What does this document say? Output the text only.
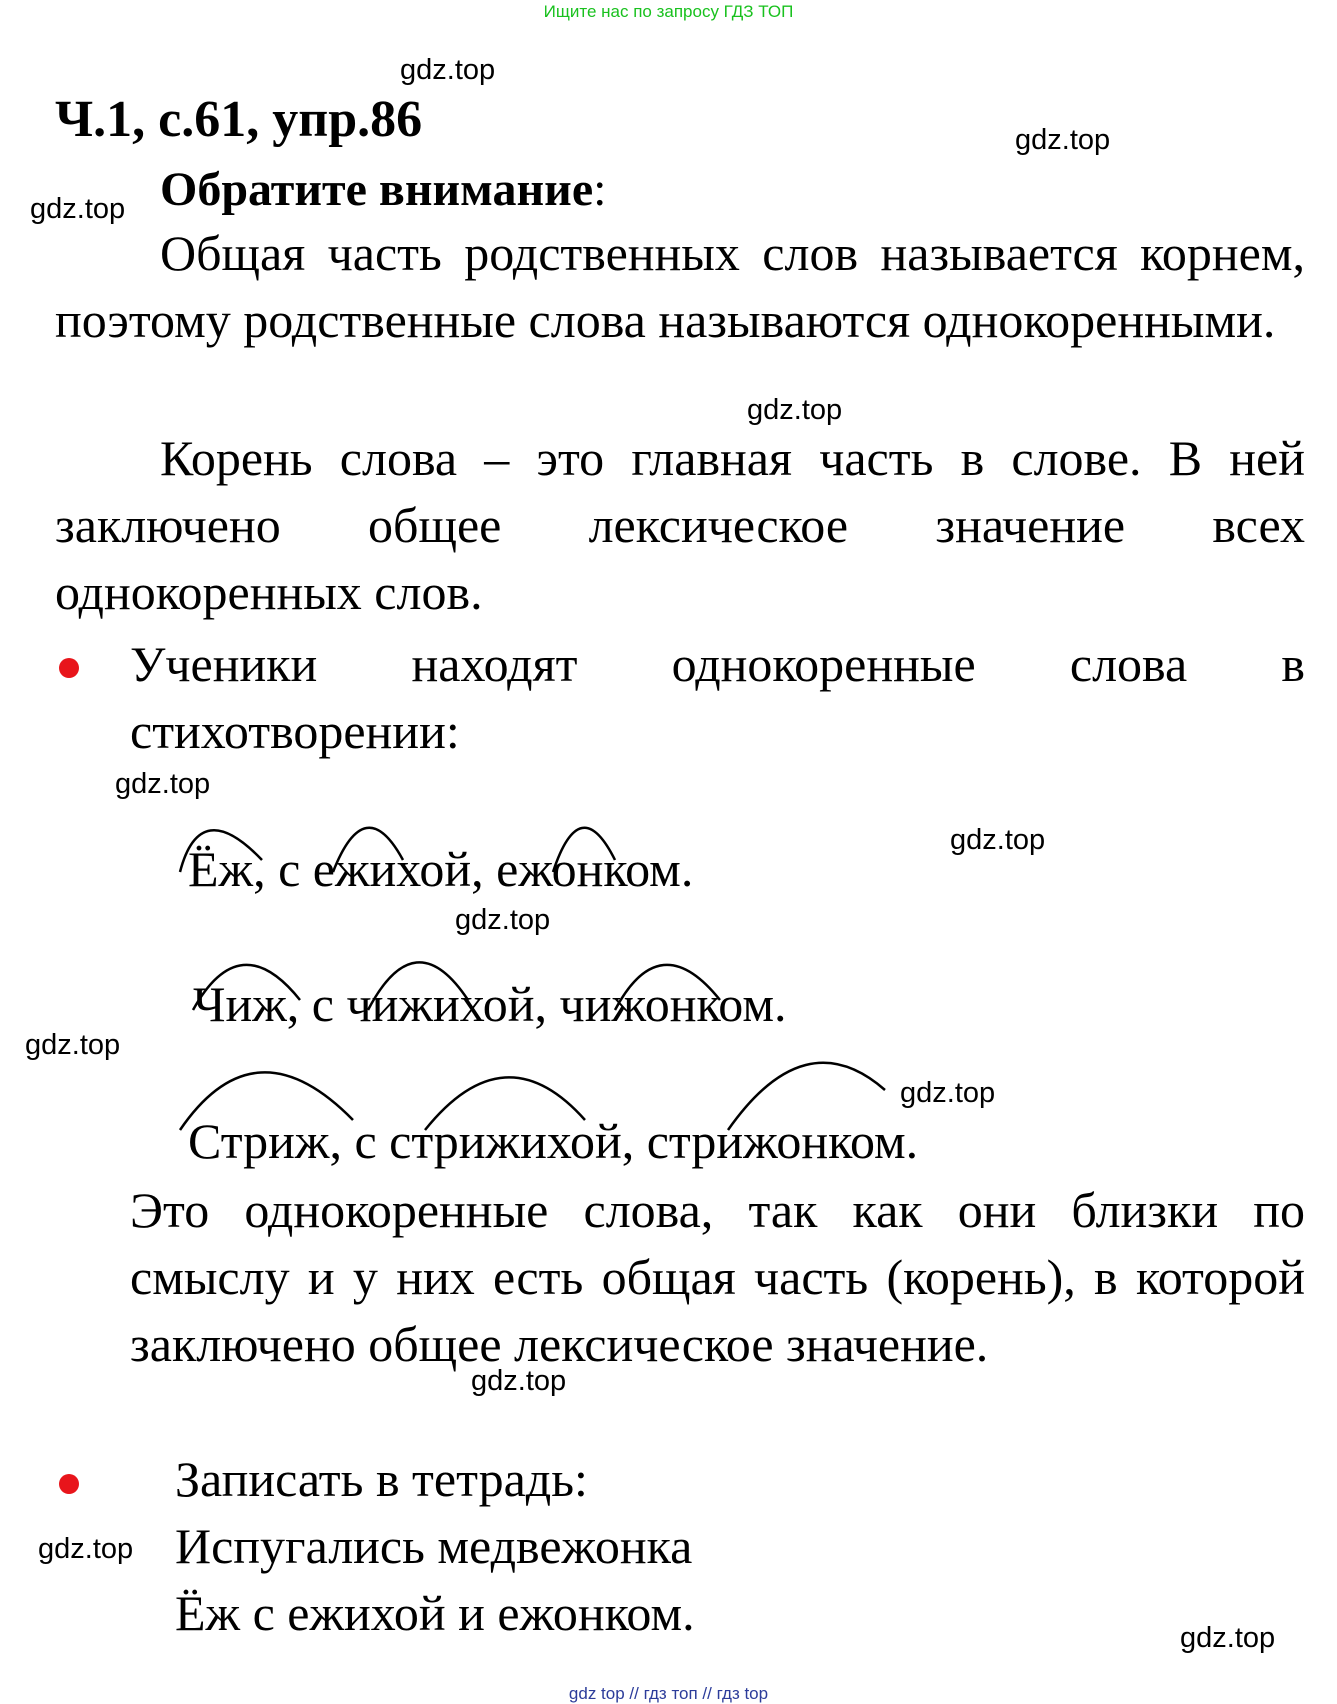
Ищите нас по запросу ГДЗ ТОП
gdz.top
gdz.top
gdz.top
gdz.top
gdz.top
gdz.top
gdz.top
gdz.top
gdz.top
gdz.top
gdz.top
gdz.top
Ч.1, с.61, упр.86
Обратите внимание:
Общая часть родственных слов называется корнем, поэтому родственные слова называются однокоренными.
Корень слова – это главная часть в слове. В ней заключено общее лексическое значение всех однокоренных слов.
Ученики находят однокоренные слова в стихотворении:
Ёж, с ежихой, ежонком.
Чиж, с чижихой, чижонком.
Стриж, с стрижихой, стрижонком.
Это однокоренные слова, так как они близки по смыслу и у них есть общая часть (корень), в которой заключено общее лексическое значение.
Записать в тетрадь:
Испугались медвежонка
Ёж с ежихой и ежонком.
gdz top // гдз топ // гдз top
